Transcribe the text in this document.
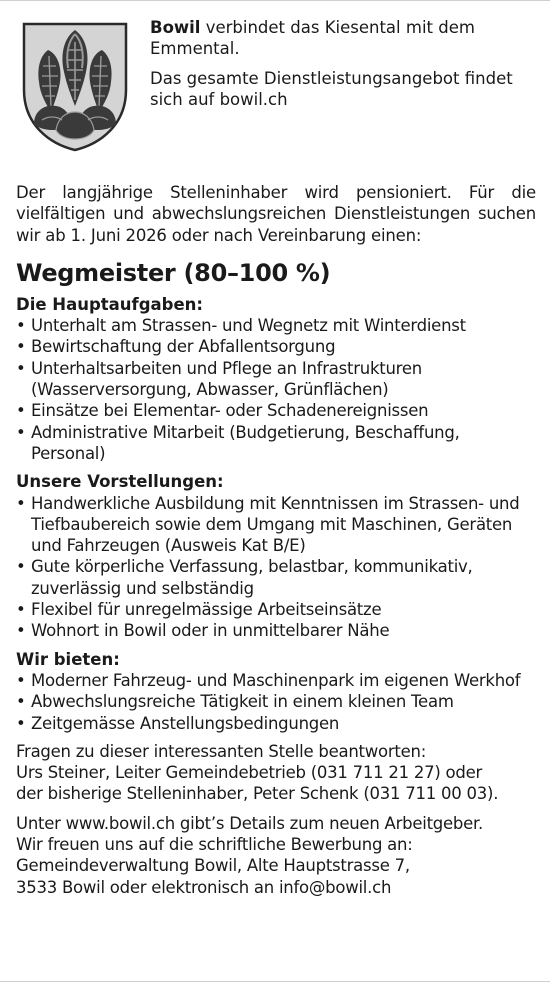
Bowil verbindet das Kiesental mit dem Emmental.

Das gesamte Dienstleistungsangebot findet sich auf bowil.ch

Der langjährige Stelleninhaber wird pensioniert. Für die vielfältigen und abwechslungsreichen Dienstleistungen suchen wir ab 1. Juni 2026 oder nach Vereinbarung einen:

Wegmeister (80–100 %)

Die Hauptaufgaben:

• Unterhalt am Strassen- und Wegnetz mit Winterdienst
• Bewirtschaftung der Abfallentsorgung
• Unterhaltsarbeiten und Pflege an Infrastrukturen (Wasserversorgung, Abwasser, Grünflächen)
• Einsätze bei Elementar- oder Schadenereignissen
• Administrative Mitarbeit (Budgetierung, Beschaffung, Personal)

Unsere Vorstellungen:

• Handwerkliche Ausbildung mit Kenntnissen im Strassen- und Tiefbaubereich sowie dem Umgang mit Maschinen, Geräten und Fahrzeugen (Ausweis Kat B/E)
• Gute körperliche Verfassung, belastbar, kommunikativ, zuverlässig und selbständig
• Flexibel für unregelmässige Arbeitseinsätze
• Wohnort in Bowil oder in unmittelbarer Nähe

Wir bieten:

• Moderner Fahrzeug- und Maschinenpark im eigenen Werkhof
• Abwechslungsreiche Tätigkeit in einem kleinen Team
• Zeitgemässe Anstellungsbedingungen

Fragen zu dieser interessanten Stelle beantworten:
Urs Steiner, Leiter Gemeindebetrieb (031 711 21 27) oder
der bisherige Stelleninhaber, Peter Schenk (031 711 00 03).

Unter www.bowil.ch gibt’s Details zum neuen Arbeitgeber.
Wir freuen uns auf die schriftliche Bewerbung an:
Gemeindeverwaltung Bowil, Alte Hauptstrasse 7,
3533 Bowil oder elektronisch an info@bowil.ch
